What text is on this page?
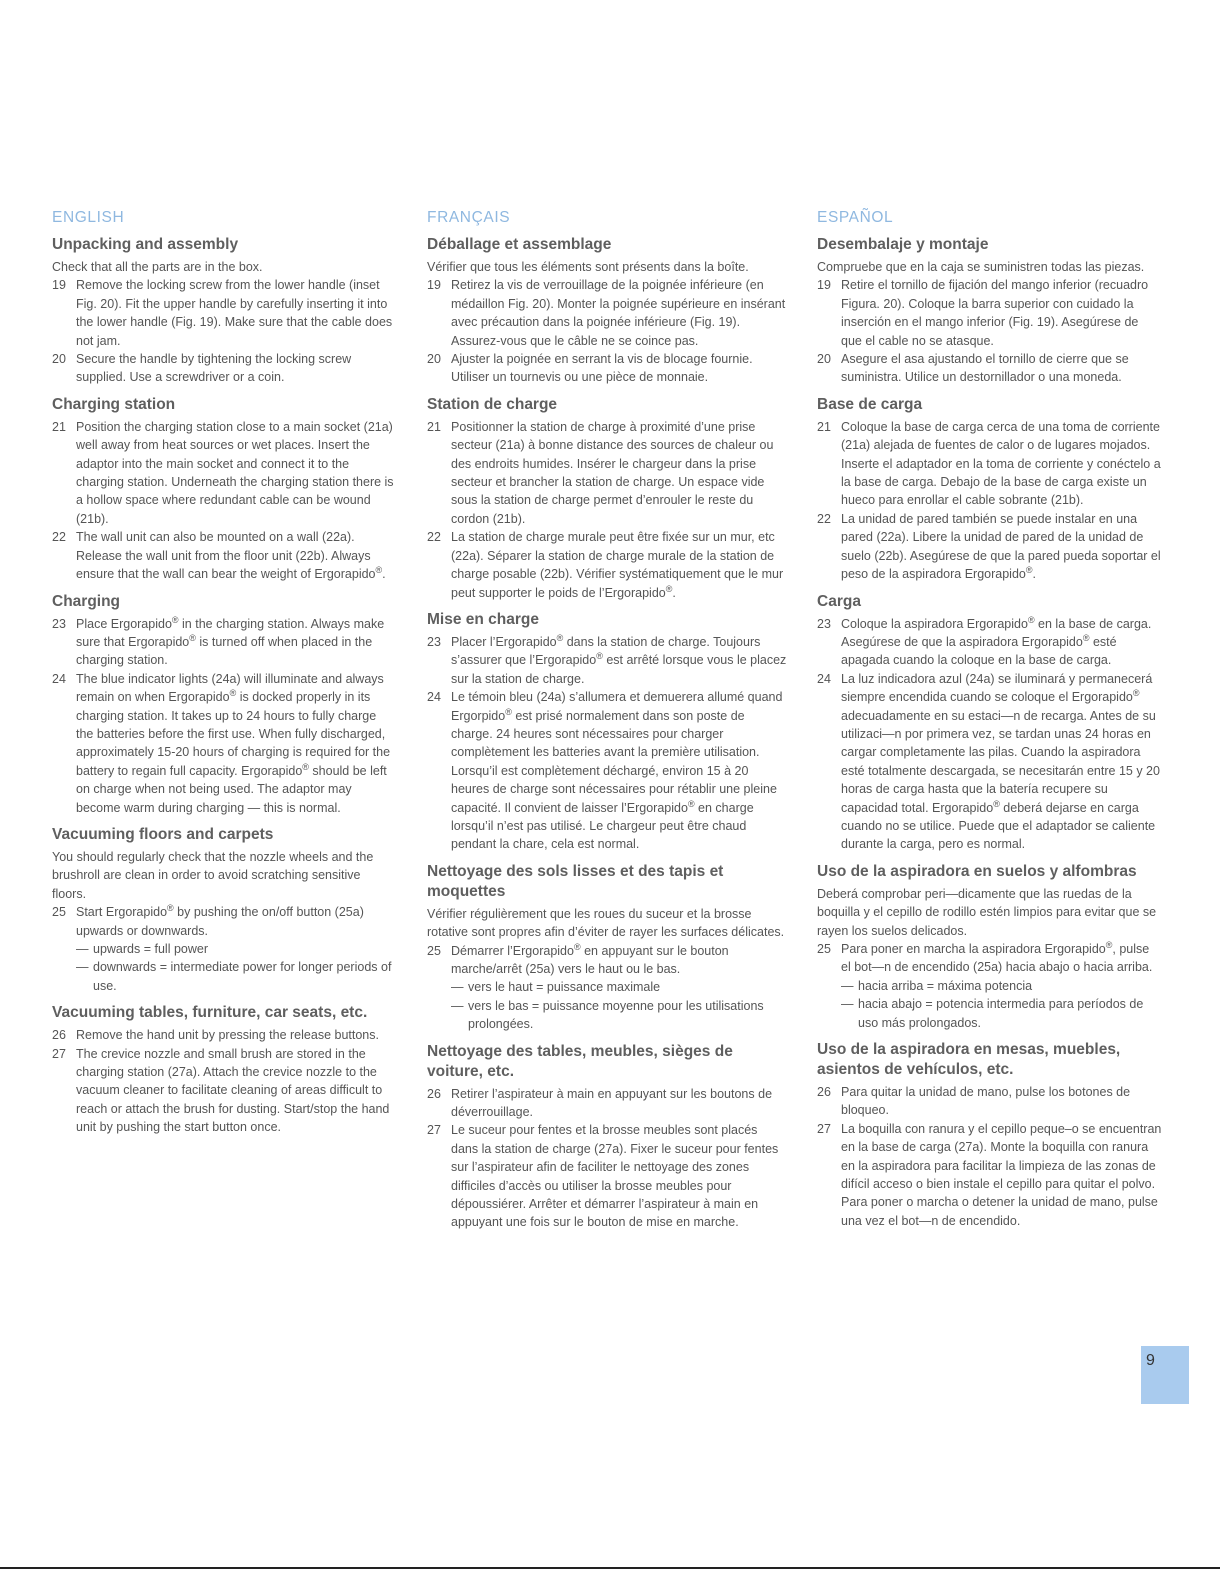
ENGLISH
Unpacking and assembly

Check that all the parts are in the box.

19 Remove the locking screw from the lower handle (inset Fig. 20). Fit the upper handle by carefully inserting it into the lower handle (Fig. 19). Make sure that the cable does not jam.
20 Secure the handle by tightening the locking screw supplied. Use a screwdriver or a coin.
Charging station
21 Position the charging station close to a main socket (21a) well away from heat sources or wet places. Insert the adaptor into the main socket and connect it to the charging station. Underneath the charging station there is a hollow space where redundant cable can be wound (21b).
22 The wall unit can also be mounted on a wall (22a). Release the wall unit from the floor unit (22b). Always ensure that the wall can bear the weight of Ergorapido®.
Charging
23 Place Ergorapido® in the charging station. Always make sure that Ergorapido® is turned off when placed in the charging station.
24 The blue indicator lights (24a) will illuminate and always remain on when Ergorapido® is docked properly in its charging station. It takes up to 24 hours to fully charge the batteries before the first use. When fully discharged, approximately 15-20 hours of charging is required for the battery to regain full capacity. Ergorapido® should be left on charge when not being used. The adaptor may become warm during charging — this is normal.
Vacuuming floors and carpets

You should regularly check that the nozzle wheels and the brushroll are clean in order to avoid scratching sensitive floors.

25 Start Ergorapido® by pushing the on/off button (25a) upwards or downwards.
— upwards = full power
— downwards = intermediate power for longer periods of use.
Vacuuming tables, furniture, car seats, etc.
26 Remove the hand unit by pressing the release buttons.
27 The crevice nozzle and small brush are stored in the charging station (27a). Attach the crevice nozzle to the vacuum cleaner to facilitate cleaning of areas difficult to reach or attach the brush for dusting. Start/stop the hand unit by pushing the start button once.
FRANÇAIS
Déballage et assemblage

Vérifier que tous les éléments sont présents dans la boîte.

19 Retirez la vis de verrouillage de la poignée inférieure (en médaillon Fig. 20). Monter la poignée supérieure en insérant avec précaution dans la poignée inférieure (Fig. 19). Assurez-vous que le câble ne se coince pas.
20 Ajuster la poignée en serrant la vis de blocage fournie. Utiliser un tournevis ou une pièce de monnaie.
Station de charge
21 Positionner la station de charge à proximité d’une prise secteur (21a) à bonne distance des sources de chaleur ou des endroits humides. Insérer le chargeur dans la prise secteur et brancher la station de charge. Un espace vide sous la station de charge permet d’enrouler le reste du cordon (21b).
22 La station de charge murale peut être fixée sur un mur, etc (22a). Séparer la station de charge murale de la station de charge posable (22b). Vérifier systématiquement que le mur peut supporter le poids de l’Ergorapido®.
Mise en charge
23 Placer l’Ergorapido® dans la station de charge. Toujours s’assurer que l’Ergorapido® est arrêté lorsque vous le placez sur la station de charge.
24 Le témoin bleu (24a) s’allumera et demuerera allumé quand Ergorpido® est prisé normalement dans son poste de charge. 24 heures sont nécessaires pour charger complètement les batteries avant la première utilisation. Lorsqu’il est complètement déchargé, environ 15 à 20 heures de charge sont nécessaires pour rétablir une pleine capacité. Il convient de laisser l’Ergorapido® en charge lorsqu’il n’est pas utilisé. Le chargeur peut être chaud pendant la chare, cela est normal.
Nettoyage des sols lisses et des tapis et moquettes

Vérifier régulièrement que les roues du suceur et la brosse rotative sont propres afin d’éviter de rayer les surfaces délicates.

25 Démarrer l’Ergorapido® en appuyant sur le bouton marche/arrêt (25a) vers le haut ou le bas.
— vers le haut = puissance maximale
— vers le bas = puissance moyenne pour les utilisations prolongées.
Nettoyage des tables, meubles, sièges de voiture, etc.
26 Retirer l’aspirateur à main en appuyant sur les boutons de déverrouillage.
27 Le suceur pour fentes et la brosse meubles sont placés dans la station de charge (27a). Fixer le suceur pour fentes sur l’aspirateur afin de faciliter le nettoyage des zones difficiles d’accès ou utiliser la brosse meubles pour dépoussiérer. Arrêter et démarrer l’aspirateur à main en appuyant une fois sur le bouton de mise en marche.
ESPAÑOL
Desembalaje y montaje

Compruebe que en la caja se suministren todas las piezas.

19 Retire el tornillo de fijación del mango inferior (recuadro Figura. 20). Coloque la barra superior con cuidado la inserción en el mango inferior (Fig. 19). Asegúrese de que el cable no se atasque.
20 Asegure el asa ajustando el tornillo de cierre que se suministra. Utilice un destornillador o una moneda.
Base de carga
21 Coloque la base de carga cerca de una toma de corriente (21a) alejada de fuentes de calor o de lugares mojados. Inserte el adaptador en la toma de corriente y conéctelo a la base de carga. Debajo de la base de carga existe un hueco para enrollar el cable sobrante (21b).
22 La unidad de pared también se puede instalar en una pared (22a). Libere la unidad de pared de la unidad de suelo (22b). Asegúrese de que la pared pueda soportar el peso de la aspiradora Ergorapido®.
Carga
23 Coloque la aspiradora Ergorapido® en la base de carga. Asegúrese de que la aspiradora Ergorapido® esté apagada cuando la coloque en la base de carga.
24 La luz indicadora azul (24a) se iluminará y permanecerá siempre encendida cuando se coloque el Ergorapido® adecuadamente en su estaci—n de recarga. Antes de su utilizaci—n por primera vez, se tardan unas 24 horas en cargar completamente las pilas. Cuando la aspiradora esté totalmente descargada, se necesitarán entre 15 y 20 horas de carga hasta que la batería recupere su capacidad total. Ergorapido® deberá dejarse en carga cuando no se utilice. Puede que el adaptador se caliente durante la carga, pero es normal.
Uso de la aspiradora en suelos y alfombras

Deberá comprobar peri—dicamente que las ruedas de la boquilla y el cepillo de rodillo estén limpios para evitar que se rayen los suelos delicados.

25 Para poner en marcha la aspiradora Ergorapido®, pulse el bot—n de encendido (25a) hacia abajo o hacia arriba.
— hacia arriba = máxima potencia
— hacia abajo = potencia intermedia para períodos de uso más prolongados.
Uso de la aspiradora en mesas, muebles, asientos de vehículos, etc.
26 Para quitar la unidad de mano, pulse los botones de bloqueo.
27 La boquilla con ranura y el cepillo peque–o se encuentran en la base de carga (27a). Monte la boquilla con ranura en la aspiradora para facilitar la limpieza de las zonas de difícil acceso o bien instale el cepillo para quitar el polvo. Para poner o marcha o detener la unidad de mano, pulse una vez el bot—n de encendido.
9
